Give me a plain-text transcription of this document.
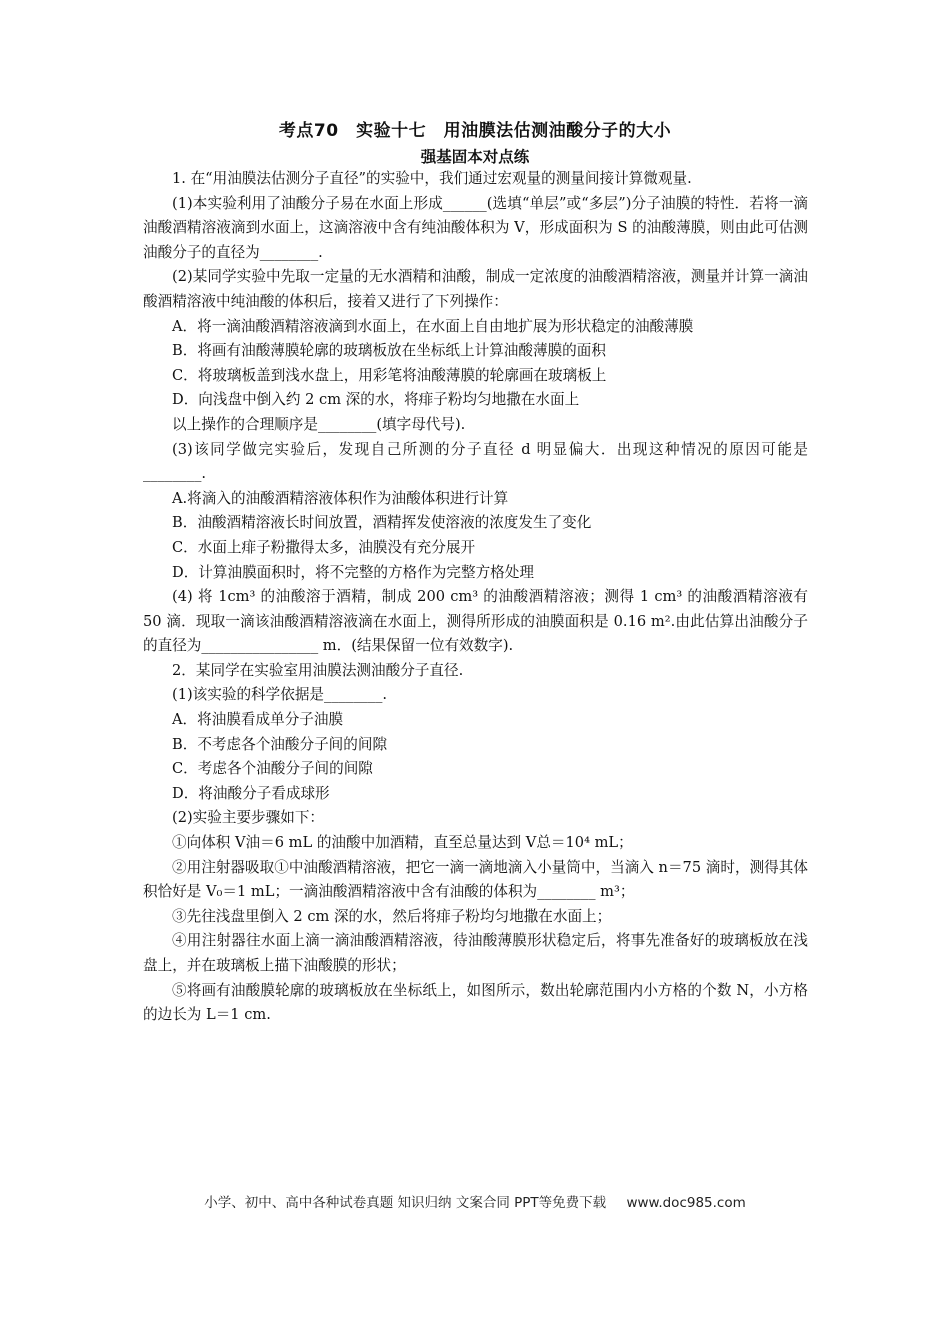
考点70　实验十七　用油膜法估测油酸分子的大小
强基固本对点练

1. 在“用油膜法估测分子直径”的实验中，我们通过宏观量的测量间接计算微观量.

(1)本实验利用了油酸分子易在水面上形成______(选填“单层”或“多层”)分子油膜的特性．若将一滴油酸酒精溶液滴到水面上，这滴溶液中含有纯油酸体积为 V，形成面积为 S 的油酸薄膜，则由此可估测油酸分子的直径为________.

(2)某同学实验中先取一定量的无水酒精和油酸，制成一定浓度的油酸酒精溶液，测量并计算一滴油酸酒精溶液中纯油酸的体积后，接着又进行了下列操作：

A．将一滴油酸酒精溶液滴到水面上，在水面上自由地扩展为形状稳定的油酸薄膜

B．将画有油酸薄膜轮廓的玻璃板放在坐标纸上计算油酸薄膜的面积

C．将玻璃板盖到浅水盘上，用彩笔将油酸薄膜的轮廓画在玻璃板上

D．向浅盘中倒入约 2 cm 深的水，将痱子粉均匀地撒在水面上

以上操作的合理顺序是________(填字母代号).

(3)该同学做完实验后，发现自己所测的分子直径 d 明显偏大．出现这种情况的原因可能是________.

A.将滴入的油酸酒精溶液体积作为油酸体积进行计算

B．油酸酒精溶液长时间放置，酒精挥发使溶液的浓度发生了变化

C．水面上痱子粉撒得太多，油膜没有充分展开

D．计算油膜面积时，将不完整的方格作为完整方格处理

(4) 将 1cm³ 的油酸溶于酒精，制成 200 cm³ 的油酸酒精溶液；测得 1 cm³ 的油酸酒精溶液有 50 滴．现取一滴该油酸酒精溶液滴在水面上，测得所形成的油膜面积是 0.16 m².由此估算出油酸分子的直径为________________ m．(结果保留一位有效数字).

2．某同学在实验室用油膜法测油酸分子直径.

(1)该实验的科学依据是________.

A．将油膜看成单分子油膜

B．不考虑各个油酸分子间的间隙

C．考虑各个油酸分子间的间隙

D．将油酸分子看成球形

(2)实验主要步骤如下：

①向体积 V油＝6 mL 的油酸中加酒精，直至总量达到 V总＝10⁴ mL；

②用注射器吸取①中油酸酒精溶液，把它一滴一滴地滴入小量筒中，当滴入 n＝75 滴时，测得其体积恰好是 V₀＝1 mL；一滴油酸酒精溶液中含有油酸的体积为________ m³；

③先往浅盘里倒入 2 cm 深的水，然后将痱子粉均匀地撒在水面上；

④用注射器往水面上滴一滴油酸酒精溶液，待油酸薄膜形状稳定后，将事先准备好的玻璃板放在浅盘上，并在玻璃板上描下油酸膜的形状；

⑤将画有油酸膜轮廓的玻璃板放在坐标纸上，如图所示，数出轮廓范围内小方格的个数 N，小方格的边长为 L＝1 cm.

小学、初中、高中各种试卷真题 知识归纳 文案合同 PPT等免费下载 www.doc985.com
